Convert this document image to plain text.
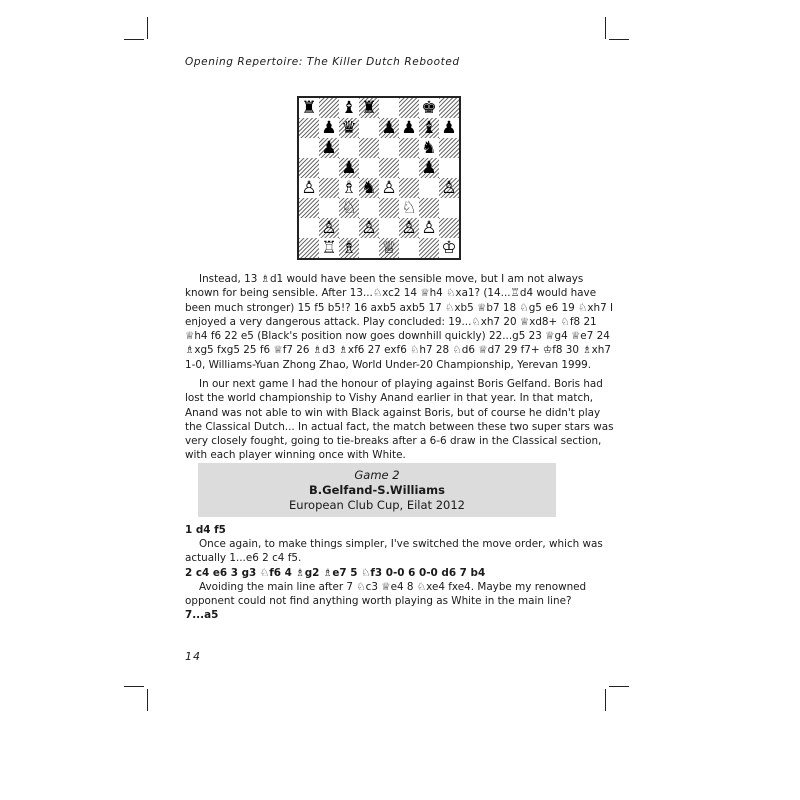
Opening Repertoire: The Killer Dutch Rebooted
♜ ♝ ♜	♚
♟ ♛ ♟ ♟ ♝ ♟
♟	♞
♟	♟
♙ ♗ ♞ ♙	♙
♘	♘
♙ ♙ ♙ ♙
♖ ♗ ♕	♔

Instead, 13 ♗d1 would have been the sensible move, but I am not always known for being sensible. After 13...♘xc2 14 ♕h4 ♘xa1? (14...♖d4 would have been much stronger) 15 f5 b5!? 16 axb5 axb5 17 ♘xb5 ♕b7 18 ♘g5 e6 19 ♘xh7 I enjoyed a very dangerous attack. Play concluded: 19...♘xh7 20 ♕xd8+ ♘f8 21 ♕h4 f6 22 e5 (Black's position now goes downhill quickly) 22...g5 23 ♕g4 ♕e7 24 ♗xg5 fxg5 25 f6 ♕f7 26 ♗d3 ♗xf6 27 exf6 ♘h7 28 ♘d6 ♕d7 29 f7+ ♔f8 30 ♗xh7 1-0, Williams-Yuan Zhong Zhao, World Under-20 Championship, Yerevan 1999.

In our next game I had the honour of playing against Boris Gelfand. Boris had lost the world championship to Vishy Anand earlier in that year. In that match, Anand was not able to win with Black against Boris, but of course he didn't play the Classical Dutch... In actual fact, the match between these two super stars was very closely fought, going to tie-breaks after a 6-6 draw in the Classical section, with each player winning once with White.

Game 2
B.Gelfand-S.Williams
European Club Cup, Eilat 2012
1 d4 f5
Once again, to make things simpler, I've switched the move order, which was actually 1...e6 2 c4 f5.
2 c4 e6 3 g3 ♘f6 4 ♗g2 ♗e7 5 ♘f3 0-0 6 0-0 d6 7 b4
Avoiding the main line after 7 ♘c3 ♕e4 8 ♘xe4 fxe4. Maybe my renowned opponent could not find anything worth playing as White in the main line?
7...a5
14
